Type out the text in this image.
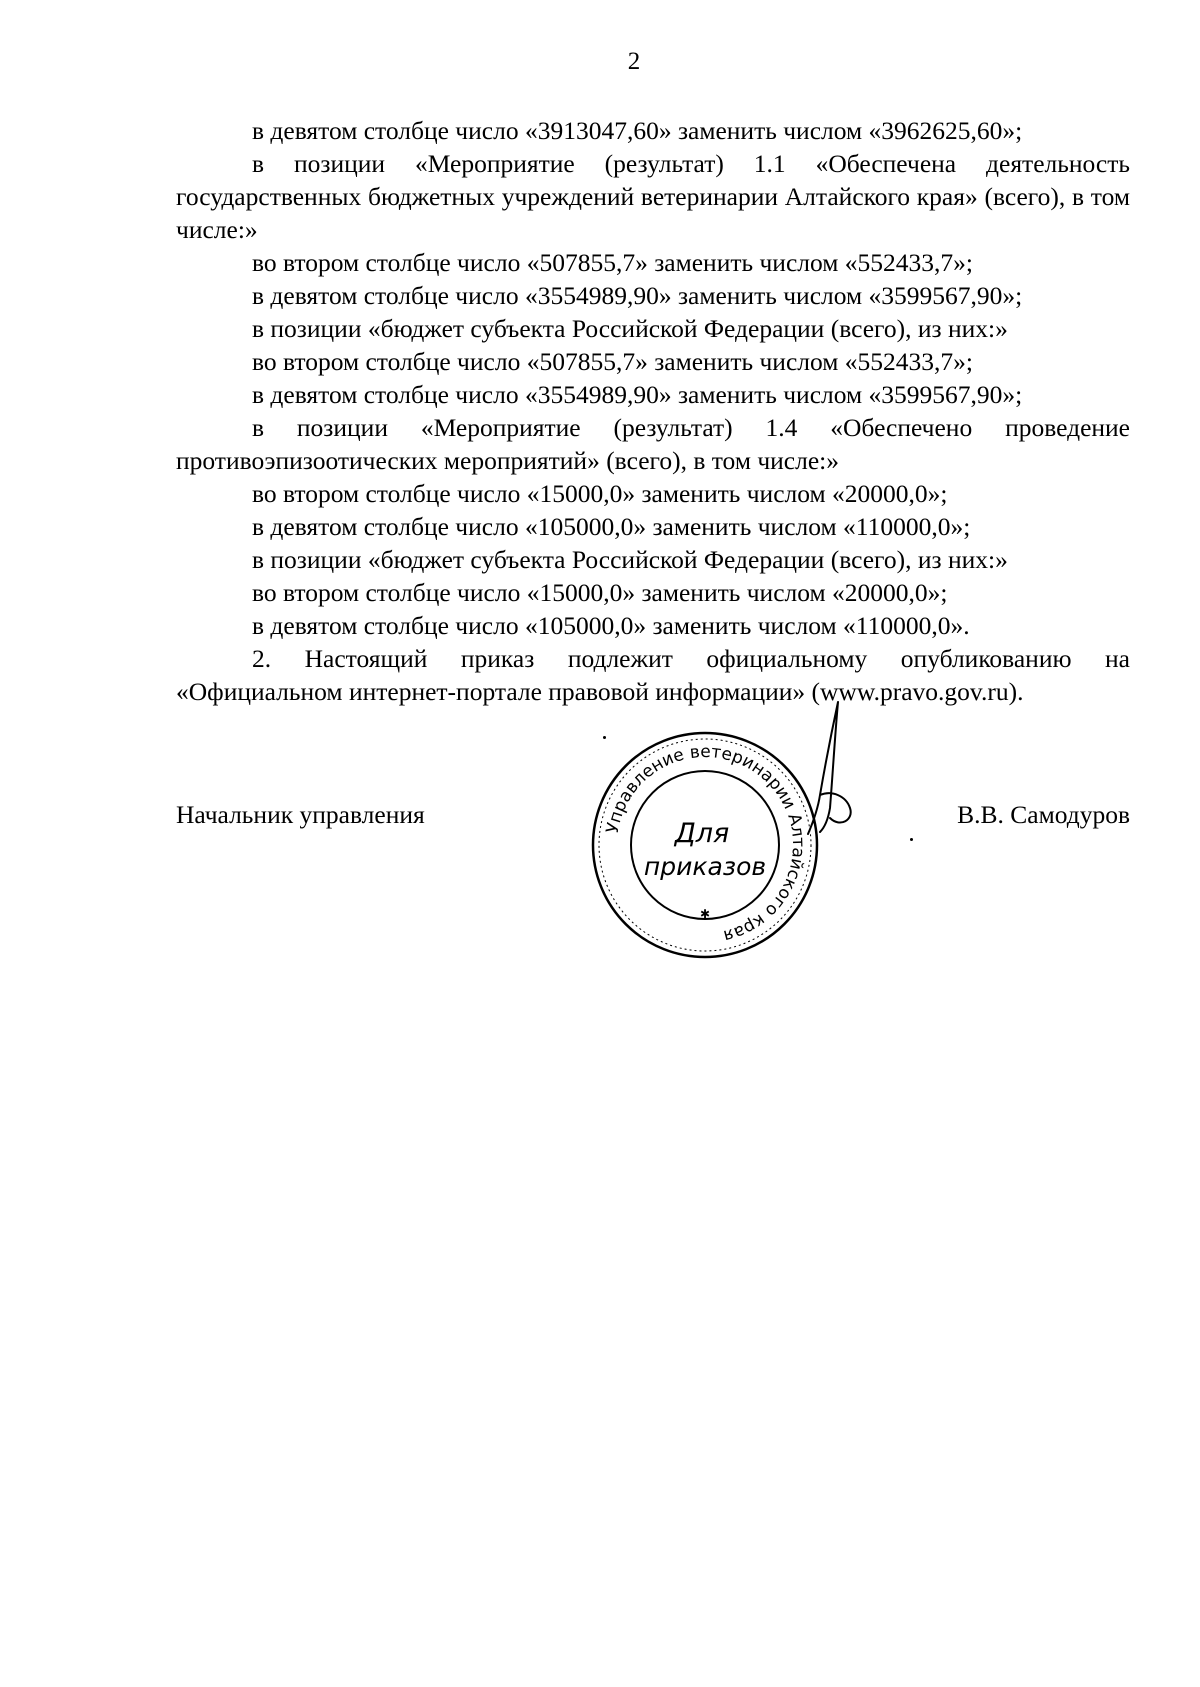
2

в девятом столбце число «3913047,60» заменить числом «3962625,60»;

в позиции «Мероприятие (результат) 1.1 «Обеспечена деятельность государственных бюджетных учреждений ветеринарии Алтайского края» (всего), в том числе:»

во втором столбце число «507855,7» заменить числом «552433,7»;

в девятом столбце число «3554989,90» заменить числом «3599567,90»;

в позиции «бюджет субъекта Российской Федерации (всего), из них:»

во втором столбце число «507855,7» заменить числом «552433,7»;

в девятом столбце число «3554989,90» заменить числом «3599567,90»;

в позиции «Мероприятие (результат) 1.4 «Обеспечено проведение противоэпизоотических мероприятий» (всего), в том числе:»

во втором столбце число «15000,0» заменить числом «20000,0»;

в девятом столбце число «105000,0» заменить числом «110000,0»;

в позиции «бюджет субъекта Российской Федерации (всего), из них:»

во втором столбце число «15000,0» заменить числом «20000,0»;

в девятом столбце число «105000,0» заменить числом «110000,0».

2. Настоящий приказ подлежит официальному опубликованию на «Официальном интернет-портале правовой информации» (www.pravo.gov.ru).

Начальник управления	В.В. Самодуров
Управление ветеринарии Алтайского края
✱
Для
приказов
